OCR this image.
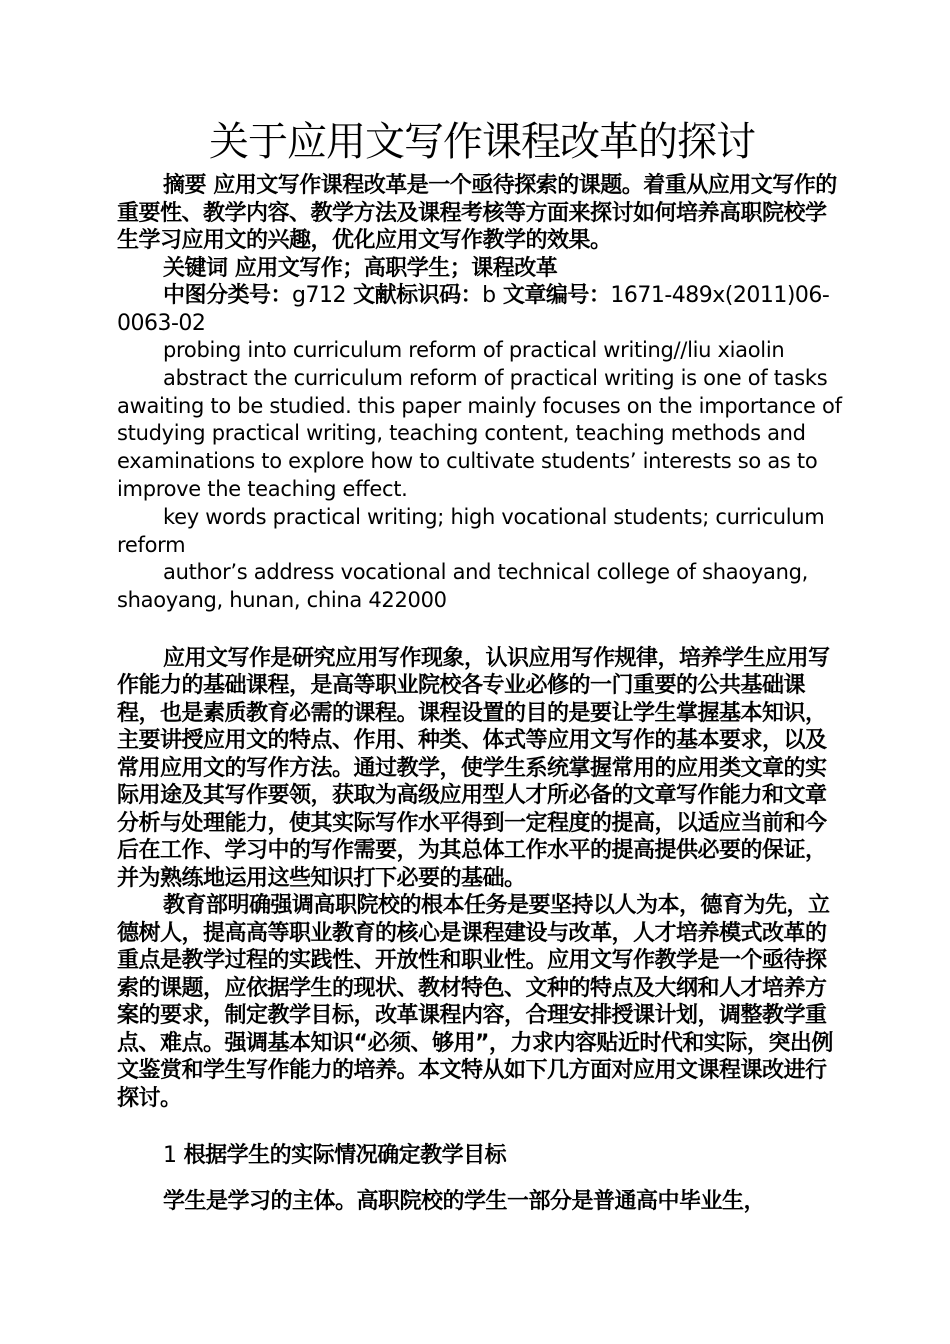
关于应用文写作课程改革的探讨

摘要 应用文写作课程改革是一个亟待探索的课题。着重从应用文写作的重要性、教学内容、教学方法及课程考核等方面来探讨如何培养高职院校学生学习应用文的兴趣，优化应用文写作教学的效果。

关键词 应用文写作；高职学生；课程改革

中图分类号：g712 文献标识码：b 文章编号：1671-489x(2011)06-0063-02

probing into curriculum reform of practical writing//liu xiaolin

abstract the curriculum reform of practical writing is one of tasks awaiting to be studied. this paper mainly focuses on the importance of studying practical writing, teaching content, teaching methods and examinations to explore how to cultivate students’ interests so as to improve the teaching effect.

key words practical writing; high vocational students; curriculum reform

author’s address vocational and technical college of shaoyang, shaoyang, hunan, china 422000

应用文写作是研究应用写作现象，认识应用写作规律，培养学生应用写作能力的基础课程，是高等职业院校各专业必修的一门重要的公共基础课程，也是素质教育必需的课程。课程设置的目的是要让学生掌握基本知识，主要讲授应用文的特点、作用、种类、体式等应用文写作的基本要求，以及常用应用文的写作方法。通过教学，使学生系统掌握常用的应用类文章的实际用途及其写作要领，获取为高级应用型人才所必备的文章写作能力和文章分析与处理能力，使其实际写作水平得到一定程度的提高，以适应当前和今后在工作、学习中的写作需要，为其总体工作水平的提高提供必要的保证，并为熟练地运用这些知识打下必要的基础。

教育部明确强调高职院校的根本任务是要坚持以人为本，德育为先，立德树人，提高高等职业教育的核心是课程建设与改革，人才培养模式改革的重点是教学过程的实践性、开放性和职业性。应用文写作教学是一个亟待探索的课题，应依据学生的现状、教材特色、文种的特点及大纲和人才培养方案的要求，制定教学目标，改革课程内容，合理安排授课计划，调整教学重点、难点。强调基本知识“必须、够用”，力求内容贴近时代和实际，突出例文鉴赏和学生写作能力的培养。本文特从如下几方面对应用文课程课改进行探讨。

1 根据学生的实际情况确定教学目标

学生是学习的主体。高职院校的学生一部分是普通高中毕业生，
